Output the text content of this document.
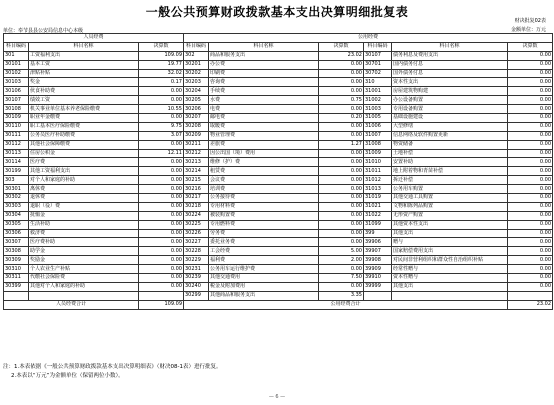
一般公共预算财政拨款基本支出决算明细批复表
单位：奉节县县公安局信息中心本级
财决批复02表
金额单位：万元
人员经费			公用经费					
科目编码	科目名称	决算数	科目编码	科目名称	决算数	科目编码	科目名称	决算数
301	工资福利支出	109.09	302	商品和服务支出	23.02	30107	债务利息及费用支出	0.00
30101	基本工资	19.77	30201	办公费	0.00	30701	国内债务付息	0.00
30102	津贴补贴	32.02	30202	印刷费	0.00	30702	国外债务付息	0.00
30103	奖金	0.17	30203	咨询费	0.00	310	资本性支出	0.00
30106	伙食补助费	0.00	30204	手续费	0.00	31001	房屋建筑物购建	0.00
30107	绩效工资	0.00	30205	水费	0.75	31002	办公设备购置	0.00
30108	机关事业单位基本养老保险缴费	10.55	30206	电费	0.00	31003	专用设备购置	0.00
30109	职业年金缴费	0.00	30207	邮电费	0.20	31005	基础设施建设	0.00
30110	职工基本医疗保险缴费	9.75	30208	取暖费	0.00	31006	大型修缮	0.00
30111	公务员医疗补助缴费	3.07	30209	物业管理费	0.00	31007	信息网络及软件购置更新	0.00
30112	其他社会保障缴费	0.00	30211	差旅费	1.27	31008	物资储备	0.00
30113	住房公积金	12.11	30212	因公出国（境）费用	0.00	31009	土地补偿	0.00
30114	医疗费	0.00	30213	维修（护）费	0.00	31010	安置补助	0.00
30199	其他工资福利支出	0.00	30214	租赁费	0.00	31011	地上附着物和青苗补偿	0.00
303	对个人和家庭的补助	0.00	30215	会议费	0.00	31012	拆迁补偿	0.00
30301	离休费	0.00	30216	培训费	0.00	31013	公务用车购置	0.00
30302	退休费	0.00	30217	公务接待费	0.00	31019	其他交通工具购置	0.00
30303	退职（役）费	0.00	30218	专用材料费	0.00	31021	文物和陈列品购置	0.00
30304	抚恤金	0.00	30224	被装购置费	0.00	31022	无形资产购置	0.00
30305	生活补助	0.00	30225	专用燃料费	0.00	31099	其他资本性支出	0.00
30306	救济费	0.00	30226	劳务费	0.00	399	其他支出	0.00
30307	医疗费补助	0.00	30227	委托业务费	0.00	39906	赠与	0.00
30308	助学金	0.00	30228	工会经费	5.00	39907	国家赔偿费用支出	0.00
30309	奖励金	0.00	30229	福利费	2.00	39908	对民间非营利组织和群众性自治组织补贴	0.00
30310	个人农业生产补贴	0.00	30231	公务用车运行维护费	0.00	39909	经常性赠与	0.00
30311	代缴社会保险费	0.00	30239	其他交通费用	7.50	39910	资本性赠与	0.00
30399	其他对个人和家庭的补助	0.00	30240	税金及附加费用	0.00	39999	其他支出	0.00
			30299	其他商品和服务支出	3.35			
人员经费合计		109.09	公用经费合计					23.02
注：1.本表依据《一般公共预算财政拨款基本支出决算明细表》（财决08-1表）进行批复。
2.本表以“万元”为金额单位（保留两位小数）。
— 6 —
